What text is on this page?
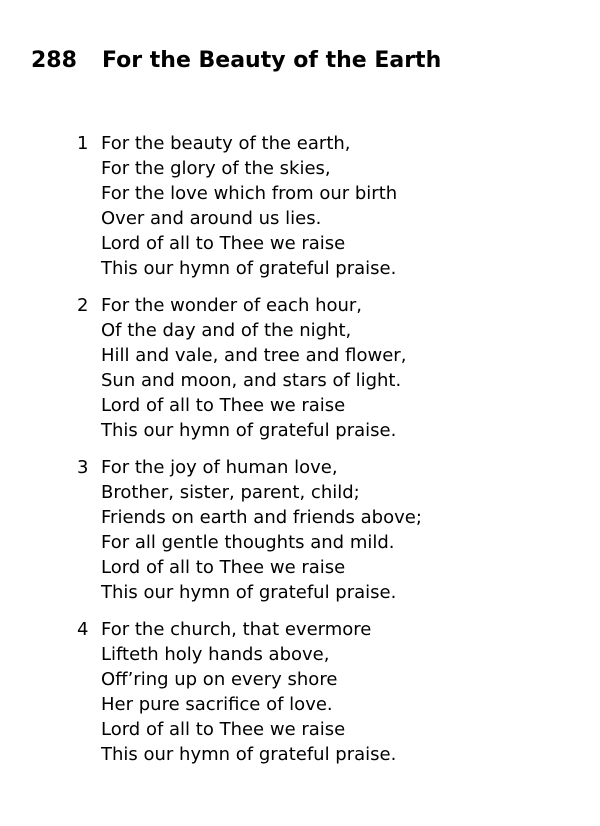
288	For the Beauty of the Earth
1 For the beauty of the earth,
For the glory of the skies,
For the love which from our birth
Over and around us lies.
Lord of all to Thee we raise
This our hymn of grateful praise.
2 For the wonder of each hour,
Of the day and of the night,
Hill and vale, and tree and flower,
Sun and moon, and stars of light.
Lord of all to Thee we raise
This our hymn of grateful praise.
3 For the joy of human love,
Brother, sister, parent, child;
Friends on earth and friends above;
For all gentle thoughts and mild.
Lord of all to Thee we raise
This our hymn of grateful praise.
4 For the church, that evermore
Lifteth holy hands above,
Off’ring up on every shore
Her pure sacrifice of love.
Lord of all to Thee we raise
This our hymn of grateful praise.
